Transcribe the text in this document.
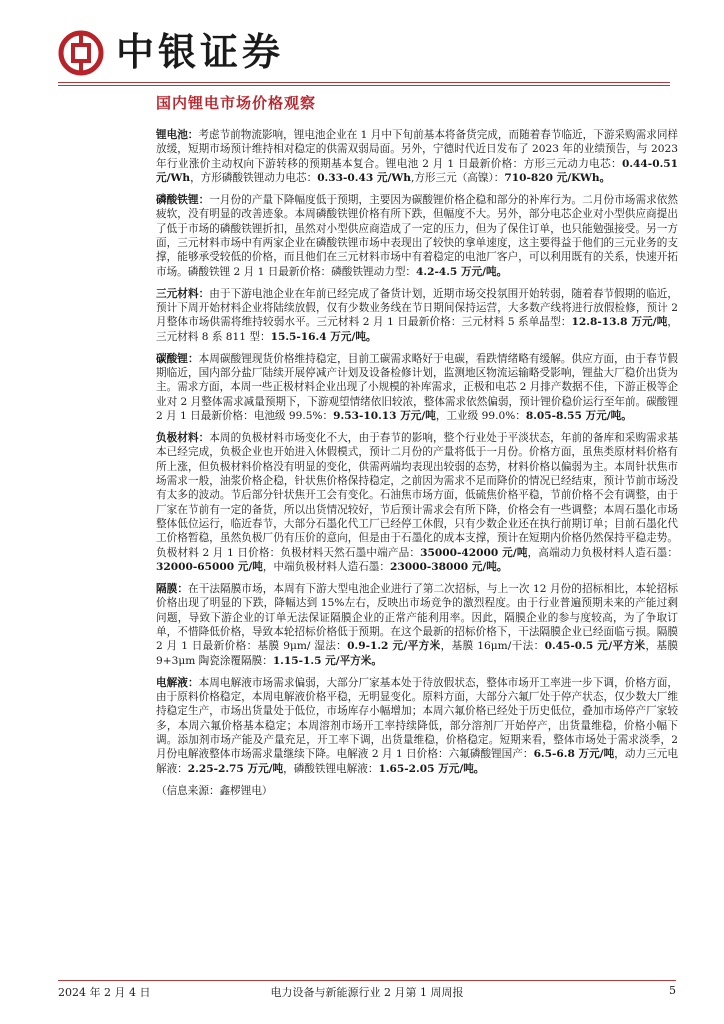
中银证券
国内锂电市场价格观察

锂电池：考虑节前物流影响，锂电池企业在 1 月中下旬前基本将备货完成，而随着春节临近，下游采购需求同样放缓，短期市场预计维持相对稳定的供需双弱局面。另外，宁德时代近日发布了 2023 年的业绩预告，与 2023 年行业涨价主动权向下游转移的预期基本复合。锂电池 2 月 1 日最新价格：方形三元动力电芯：0.44-0.51 元/Wh，方形磷酸铁锂动力电芯：0.33-0.43 元/Wh,方形三元（高镍）：710-820 元/KWh。

磷酸铁锂：一月份的产量下降幅度低于预期，主要因为碳酸锂价格企稳和部分的补库行为。二月份市场需求依然疲软，没有明显的改善迹象。本周磷酸铁锂价格有所下跌，但幅度不大。另外，部分电芯企业对小型供应商提出了低于市场的磷酸铁锂折扣，虽然对小型供应商造成了一定的压力，但为了保住订单，也只能勉强接受。另一方面，三元材料市场中有两家企业在磷酸铁锂市场中表现出了较快的拿单速度，这主要得益于他们的三元业务的支撑，能够承受较低的价格，而且他们在三元材料市场中有着稳定的电池厂客户，可以利用既有的关系，快速开拓市场。磷酸铁锂 2 月 1 日最新价格：磷酸铁锂动力型：4.2-4.5 万元/吨。

三元材料：由于下游电池企业在年前已经完成了备货计划，近期市场交投氛围开始转弱，随着春节假期的临近，预计下周开始材料企业将陆续放假，仅有少数业务线在节日期间保持运营，大多数产线将进行放假检修，预计 2 月整体市场供需将维持较弱水平。三元材料 2 月 1 日最新价格：三元材料 5 系单晶型：12.8-13.8 万元/吨，三元材料 8 系 811 型：15.5-16.4 万元/吨。

碳酸锂：本周碳酸锂现货价格维持稳定，目前工碳需求略好于电碳，看跌情绪略有缓解。供应方面，由于春节假期临近，国内部分盐厂陆续开展停减产计划及设备检修计划，监测地区物流运输略受影响，锂盐大厂稳价出货为主。需求方面，本周一些正极材料企业出现了小规模的补库需求，正极和电芯 2 月排产数据不佳，下游正极等企业对 2 月整体需求减量预期下，下游观望情绪依旧较浓，整体需求依然偏弱，预计锂价稳价运行至年前。碳酸锂 2 月 1 日最新价格：电池级 99.5%：9.53-10.13 万元/吨，工业级 99.0%：8.05-8.55 万元/吨。

负极材料：本周的负极材料市场变化不大，由于春节的影响，整个行业处于平淡状态，年前的备库和采购需求基本已经完成，负极企业也开始进入休假模式，预计二月份的产量将低于一月份。价格方面，虽焦类原材料价格有所上涨，但负极材料价格没有明显的变化，供需两端均表现出较弱的态势，材料价格以偏弱为主。本周针状焦市场需求一般，油浆价格企稳，针状焦价格保持稳定，之前因为需求不足而降价的情况已经结束，预计节前市场没有太多的波动。节后部分针状焦开工会有变化。石油焦市场方面，低硫焦价格平稳，节前价格不会有调整，由于厂家在节前有一定的备货，所以出货情况较好，节后预计需求会有所下降，价格会有一些调整；本周石墨化市场整体低位运行，临近春节，大部分石墨化代工厂已经停工休假，只有少数企业还在执行前期订单；目前石墨化代工价格暂稳，虽然负极厂仍有压价的意向，但是由于石墨化的成本支撑，预计在短期内价格仍然保持平稳走势。负极材料 2 月 1 日价格：负极材料天然石墨中端产品：35000-42000 元/吨，高端动力负极材料人造石墨：32000-65000 元/吨，中端负极材料人造石墨：23000-38000 元/吨。

隔膜：在干法隔膜市场，本周有下游大型电池企业进行了第二次招标，与上一次 12 月份的招标相比，本轮招标价格出现了明显的下跌，降幅达到 15%左右，反映出市场竞争的激烈程度。由于行业普遍预期未来的产能过剩问题，导致下游企业的订单无法保证隔膜企业的正常产能利用率。因此，隔膜企业的参与度较高，为了争取订单，不惜降低价格，导致本轮招标价格低于预期。在这个最新的招标价格下，干法隔膜企业已经面临亏损。隔膜 2 月 1 日最新价格：基膜 9μm/ 湿法：0.9-1.2 元/平方米，基膜 16μm/干法：0.45-0.5 元/平方米，基膜 9+3μm 陶瓷涂覆隔膜：1.15-1.5 元/平方米。

电解液：本周电解液市场需求偏弱，大部分厂家基本处于待放假状态，整体市场开工率进一步下调，价格方面，由于原料价格稳定，本周电解液价格平稳，无明显变化。原料方面，大部分六氟厂处于停产状态，仅少数大厂维持稳定生产，市场出货量处于低位，市场库存小幅增加；本周六氟价格已经处于历史低位，叠加市场停产厂家较多，本周六氟价格基本稳定；本周溶剂市场开工率持续降低，部分溶剂厂开始停产，出货量维稳，价格小幅下调。添加剂市场产能及产量充足，开工率下调，出货量维稳，价格稳定。短期来看，整体市场处于需求淡季，2 月份电解液整体市场需求量继续下降。电解液 2 月 1 日价格：六氟磷酸锂国产：6.5-6.8 万元/吨，动力三元电解液：2.25-2.75 万元/吨，磷酸铁锂电解液：1.65-2.05 万元/吨。

（信息来源：鑫椤锂电）

2024 年 2 月 4 日	电力设备与新能源行业 2 月第 1 周周报	5
